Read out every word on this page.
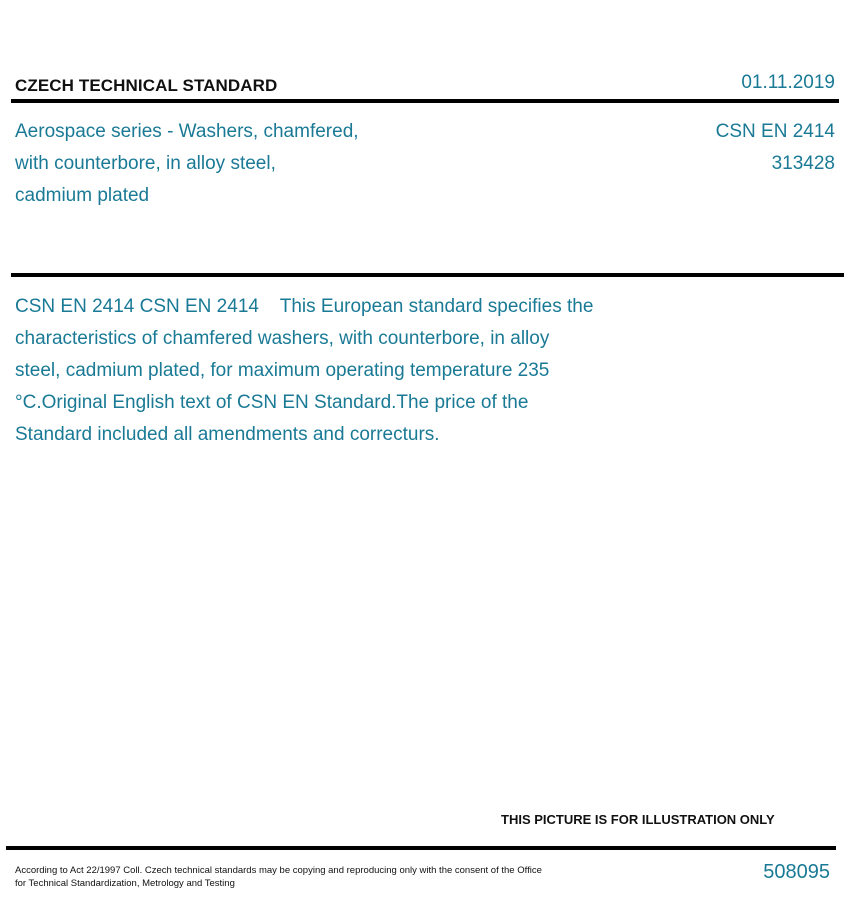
CZECH TECHNICAL STANDARD	01.11.2019
Aerospace series - Washers, chamfered,
with counterbore, in alloy steel,
cadmium plated
CSN EN 2414
313428
CSN EN 2414 CSN EN 2414    This European standard specifies the
characteristics of chamfered washers, with counterbore, in alloy
steel, cadmium plated, for maximum operating temperature 235
°C.Original English text of CSN EN Standard.The price of the
Standard included all amendments and correcturs.
THIS PICTURE IS FOR ILLUSTRATION ONLY
According to Act 22/1997 Coll. Czech technical standards may be copying and reproducing only with the consent of the Office
for Technical Standardization, Metrology and Testing
508095
